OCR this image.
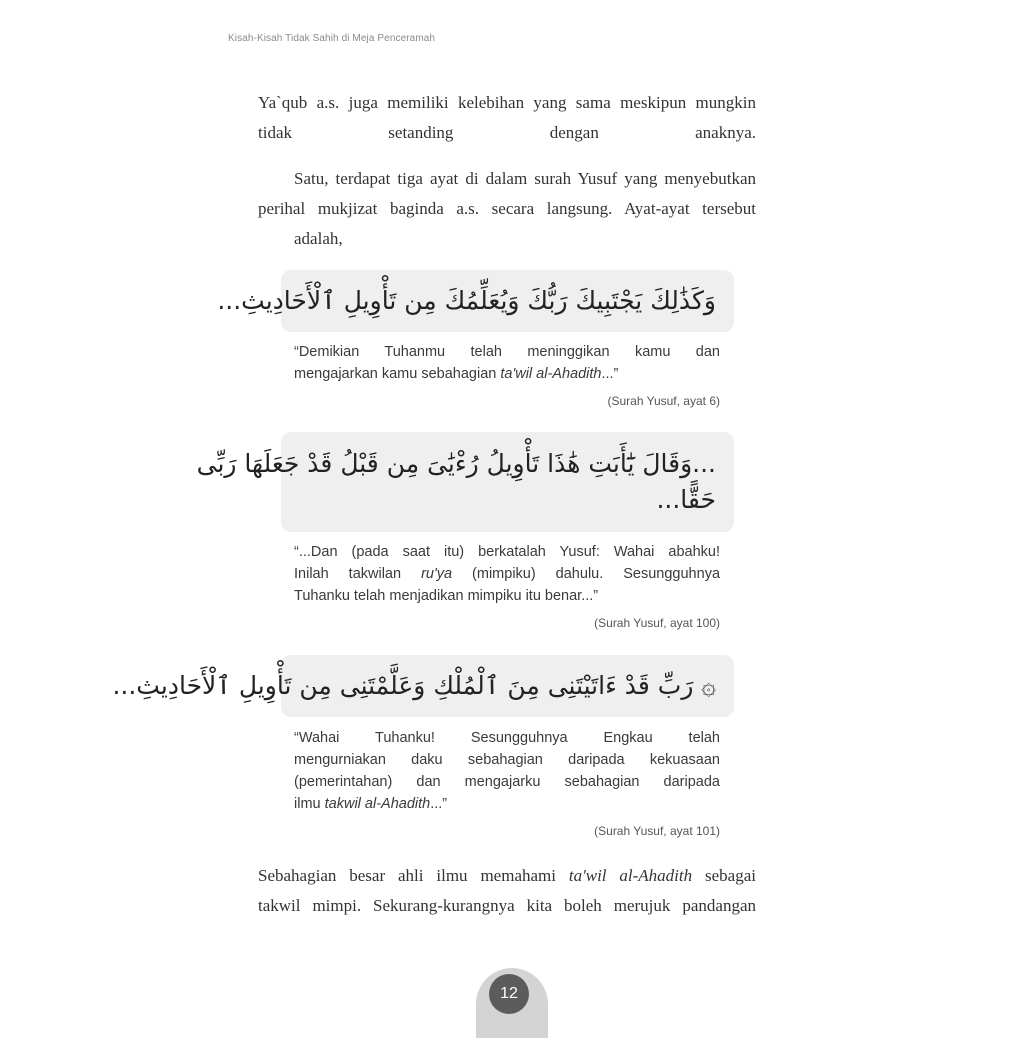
Kisah-Kisah Tidak Sahih di Meja Penceramah

Ya`qub a.s. juga memiliki kelebihan yang sama meskipun mungkin
tidak setanding dengan anaknya.

Satu, terdapat tiga ayat di dalam surah Yusuf yang menyebutkan perihal mukjizat baginda a.s. secara langsung. Ayat-ayat tersebut
adalah,

وَكَذَٰلِكَ يَجْتَبِيكَ رَبُّكَ وَيُعَلِّمُكَ مِن تَأْوِيلِ ٱلْأَحَادِيثِ...

“Demikian Tuhanmu telah meninggikan kamu dan
mengajarkan kamu sebahagian ta'wil al-Ahadith...”

(Surah Yusuf, ayat 6)

...وَقَالَ يَٰٓأَبَتِ هَٰذَا تَأْوِيلُ رُءْيَٰىَ مِن قَبْلُ قَدْ جَعَلَهَا رَبِّى
حَقًّا...

“...Dan (pada saat itu) berkatalah Yusuf: Wahai abahku!
Inilah takwilan ru'ya (mimpiku) dahulu. Sesungguhnya
Tuhanku telah menjadikan mimpiku itu benar...”

(Surah Yusuf, ayat 100)

۞ رَبِّ قَدْ ءَاتَيْتَنِى مِنَ ٱلْمُلْكِ وَعَلَّمْتَنِى مِن تَأْوِيلِ ٱلْأَحَادِيثِ...

“Wahai Tuhanku! Sesungguhnya Engkau telah
mengurniakan daku sebahagian daripada kekuasaan
(pemerintahan) dan mengajarku sebahagian daripada
ilmu takwil al-Ahadith...”

(Surah Yusuf, ayat 101)

Sebahagian besar ahli ilmu memahami ta'wil al-Ahadith sebagai
takwil mimpi. Sekurang-kurangnya kita boleh merujuk pandangan

12
